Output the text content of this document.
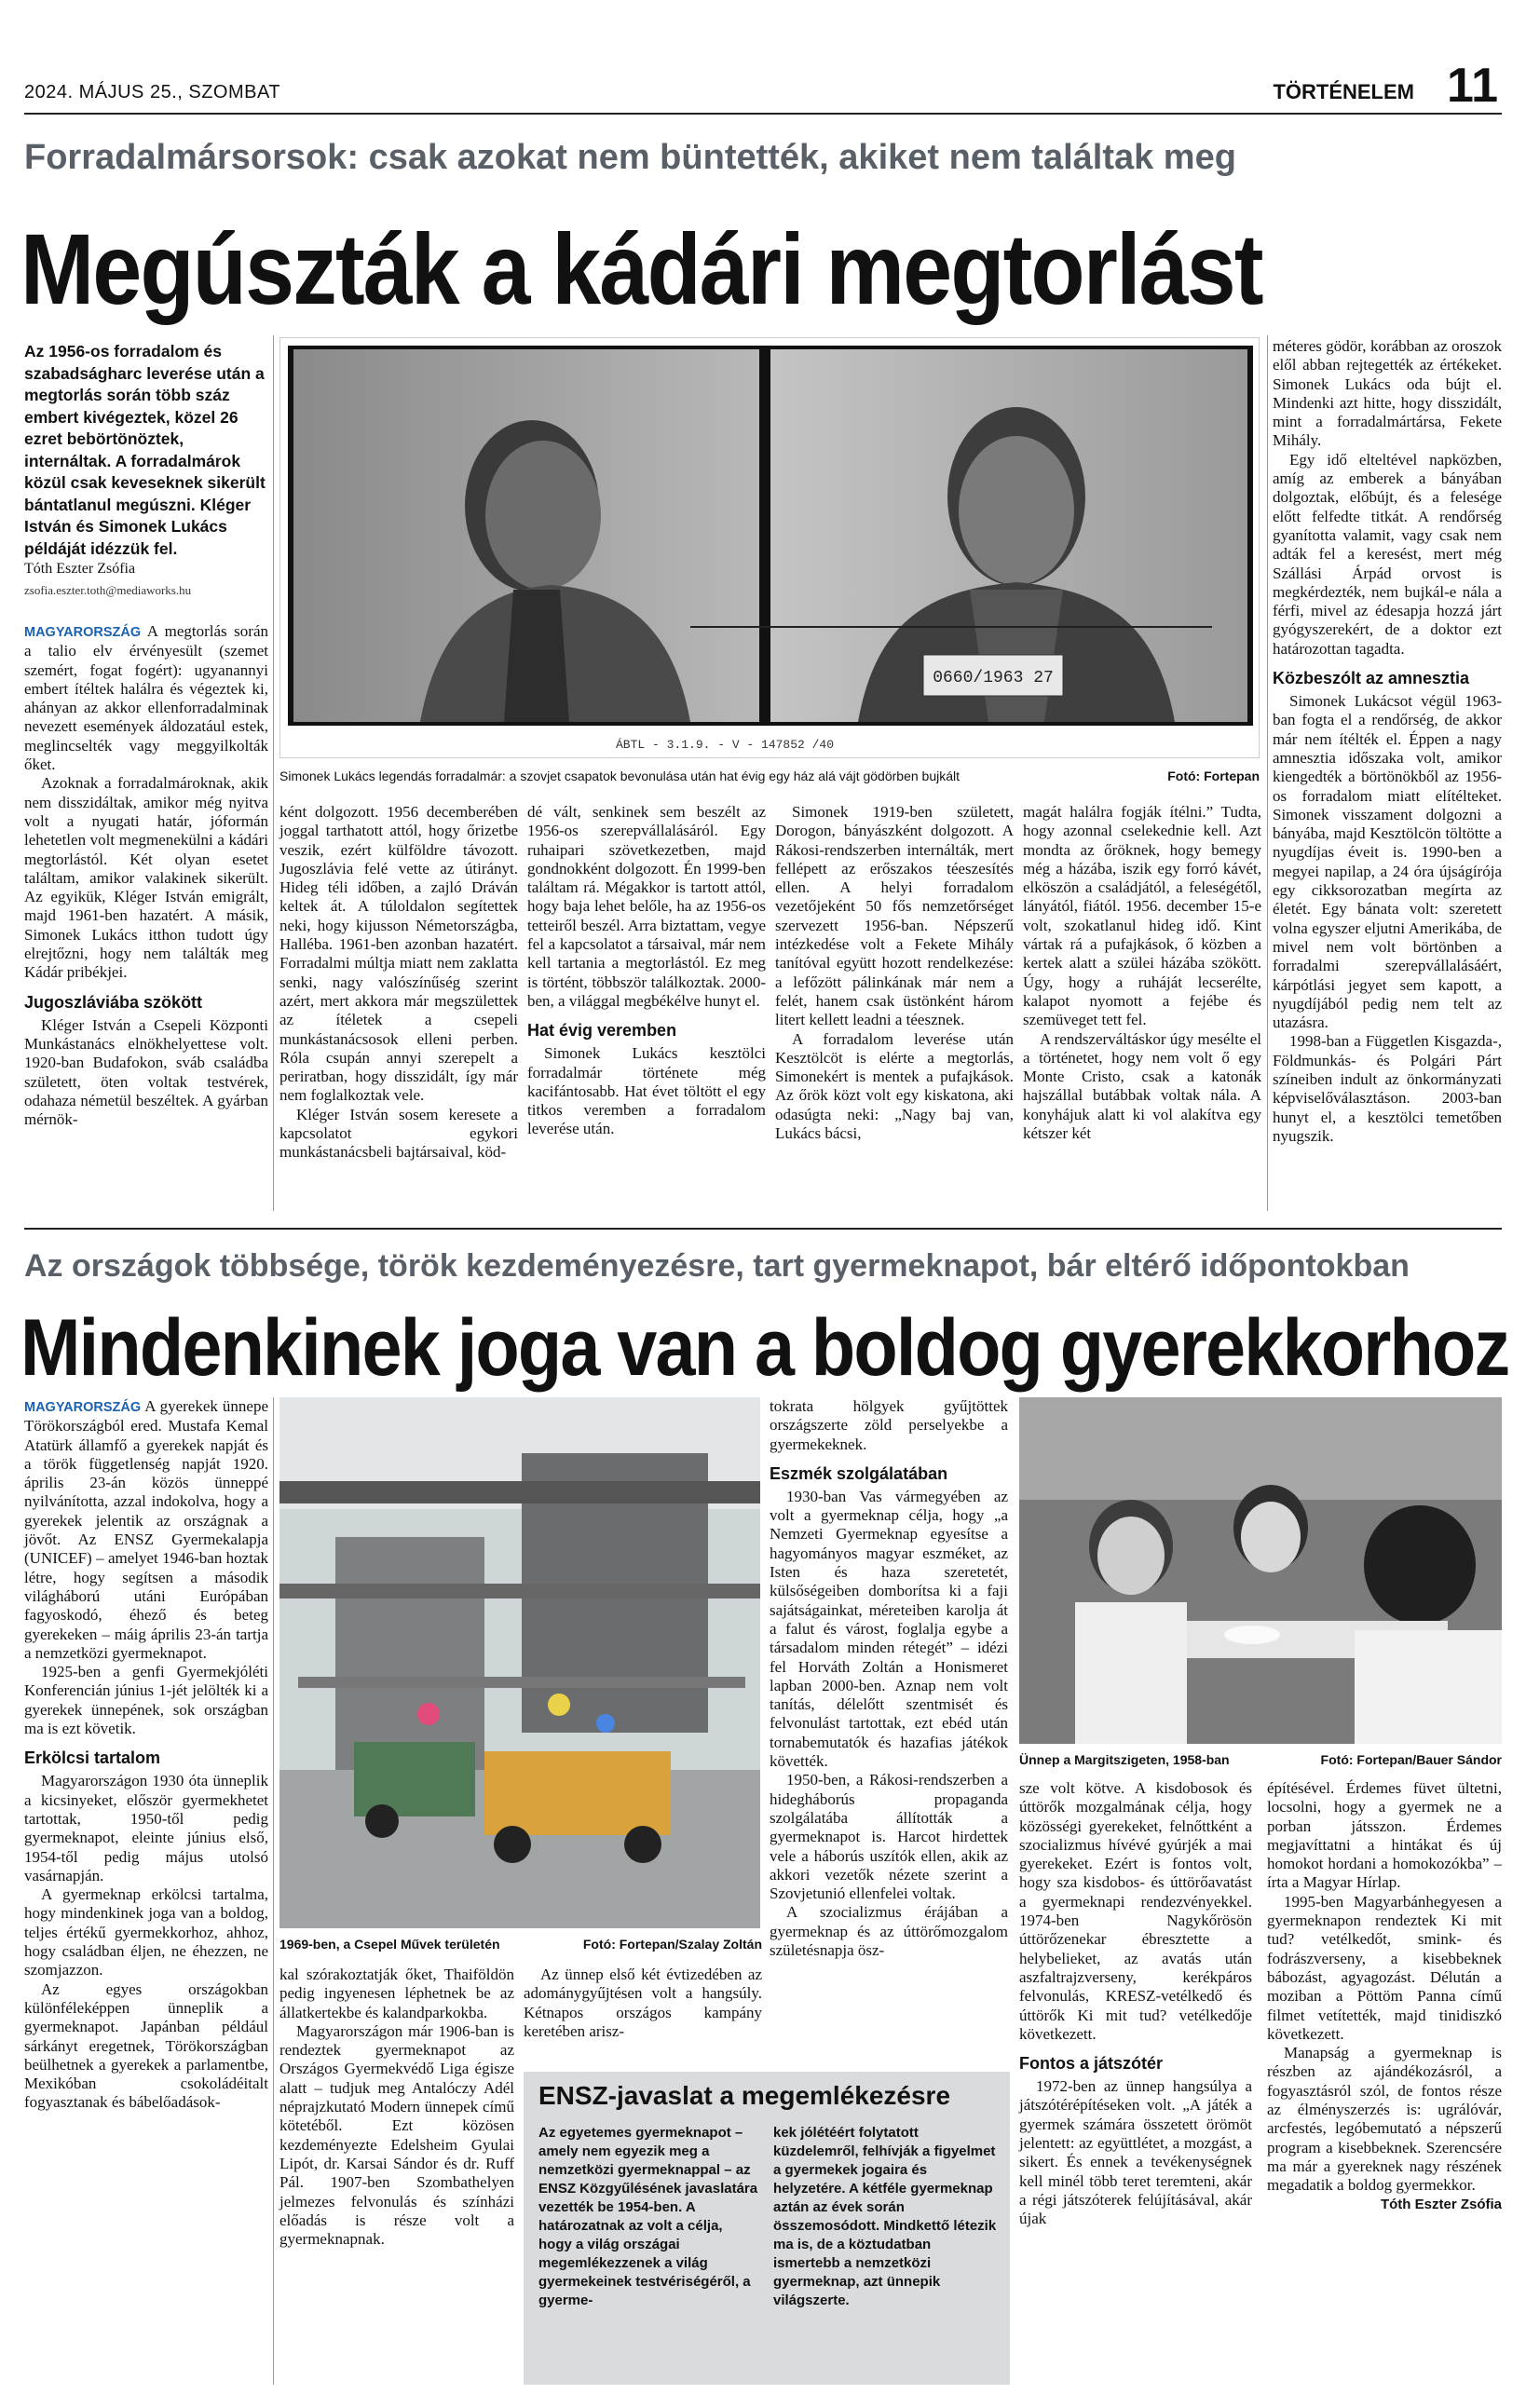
2024. MÁJUS 25., SZOMBAT	TÖRTÉNELEM 11
Forradalmársorsok: csak azokat nem büntették, akiket nem találtak meg
Megúszták a kádári megtorlást
Az 1956-os forradalom és szabadságharc leverése után a megtorlás során több száz embert kivégeztek, közel 26 ezret bebörtönöztek, internáltak. A forradalmárok közül csak keveseknek sikerült bántatlanul megúszni. Kléger István és Simonek Lukács példáját idézzük fel.
Tóth Eszter Zsófia
zsofia.eszter.toth@mediaworks.hu
0660/1963 27
ÁBTL - 3.1.9. - V - 147852 /40
Simonek Lukács legendás forradalmár: a szovjet csapatok bevonulása után hat évig egy ház alá vájt gödörben bujkált	Fotó: Fortepan

MAGYARORSZÁG A megtorlás során a talio elv érvényesült (szemet szemért, fogat fogért): ugyanannyi embert ítéltek halálra és végeztek ki, ahányan az akkor ellenforradalminak nevezett események áldozatául estek, meglincselték vagy meggyilkolták őket.

Azoknak a forradalmároknak, akik nem disszidáltak, amikor még nyitva volt a nyugati határ, jóformán lehetetlen volt megmenekülni a kádári megtorlástól. Két olyan esetet találtam, amikor valakinek sikerült. Az egyikük, Kléger István emigrált, majd 1961-ben hazatért. A másik, Simonek Lukács itthon tudott úgy elrejtőzni, hogy nem találták meg Kádár pribékjei.

Jugoszláviába szökött

Kléger István a Csepeli Központi Munkástanács elnökhelyettese volt. 1920-ban Budafokon, sváb családba született, öten voltak testvérek, odahaza németül beszéltek. A gyárban mérnök-

ként dolgozott. 1956 decemberében joggal tarthatott attól, hogy őrizetbe veszik, ezért külföldre távozott. Jugoszlávia felé vette az útirányt. Hideg téli időben, a zajló Dráván keltek át. A túloldalon segítettek neki, hogy kijusson Németországba, Halléba. 1961-ben azonban hazatért. Forradalmi múltja miatt nem zaklatta senki, nagy valószínűség szerint azért, mert akkora már megszülettek az ítéletek a csepeli munkástanácsosok elleni perben. Róla csupán annyi szerepelt a periratban, hogy disszidált, így már nem foglalkoztak vele.

Kléger István sosem keresete a kapcsolatot egykori munkástanácsbeli bajtársaival, köd-

dé vált, senkinek sem beszélt az 1956-os szerepvállalásáról. Egy ruhaipari szövetkezetben, majd gondnokként dolgozott. Én 1999-ben találtam rá. Mégakkor is tartott attól, hogy baja lehet belőle, ha az 1956-os tetteiről beszél. Arra biztattam, vegye fel a kapcsolatot a társaival, már nem kell tartania a megtorlástól. Ez meg is történt, többször találkoztak. 2000-ben, a világgal megbékélve hunyt el.

Hat évig veremben

Simonek Lukács kesztölci forradalmár története még kacifántosabb. Hat évet töltött el egy titkos veremben a forradalom leverése után.

Simonek 1919-ben született, Dorogon, bányászként dolgozott. A Rákosi-rendszerben internálták, mert fellépett az erőszakos téeszesítés ellen. A helyi forradalom vezetőjeként 50 fős nemzetőrséget szervezett 1956-ban. Népszerű intézkedése volt a Fekete Mihály tanítóval együtt hozott rendelkezése: a lefőzött pálinkának már nem a felét, hanem csak üstönként három litert kellett leadni a téesznek.

A forradalom leverése után Kesztölcöt is elérte a megtorlás, Simonekért is mentek a pufajkások. Az őrök közt volt egy kiskatona, aki odasúgta neki: „Nagy baj van, Lukács bácsi,

magát halálra fogják ítélni.” Tudta, hogy azonnal cselekednie kell. Azt mondta az őröknek, hogy bemegy még a házába, iszik egy forró kávét, elköszön a családjától, a feleségétől, lányától, fiától. 1956. december 15-e volt, szokatlanul hideg idő. Kint vártak rá a pufajkások, ő közben a kertek alatt a szülei házába szökött. Úgy, hogy a ruháját lecserélte, kalapot nyomott a fejébe és szemüveget tett fel.

A rendszerváltáskor úgy mesélte el a történetet, hogy nem volt ő egy Monte Cristo, csak a katonák hajszállal butábbak voltak nála. A konyhájuk alatt ki vol alakítva egy kétszer két

méteres gödör, korábban az oroszok elől abban rejtegették az értékeket. Simonek Lukács oda bújt el. Mindenki azt hitte, hogy disszidált, mint a forradalmártársa, Fekete Mihály.

Egy idő elteltével napközben, amíg az emberek a bányában dolgoztak, előbújt, és a felesége előtt felfedte titkát. A rendőrség gyanította valamit, vagy csak nem adták fel a keresést, mert még Szállási Árpád orvost is megkérdezték, nem bujkál-e nála a férfi, mivel az édesapja hozzá járt gyógyszerekért, de a doktor ezt határozottan tagadta.

Közbeszólt az amnesztia

Simonek Lukácsot végül 1963-ban fogta el a rendőrség, de akkor már nem ítélték el. Éppen a nagy amnesztia időszaka volt, amikor kiengedték a börtönökből az 1956-os forradalom miatt elítélteket. Simonek visszament dolgozni a bányába, majd Kesztölcön töltötte a nyugdíjas éveit is. 1990-ben a megyei napilap, a 24 óra újságírója egy cikksorozatban megírta az életét. Egy bánata volt: szeretett volna egyszer eljutni Amerikába, de mivel nem volt börtönben a forradalmi szerepvállalásáért, kárpótlási jegyet sem kapott, a nyugdíjából pedig nem telt az utazásra.

1998-ban a Független Kisgazda-, Földmunkás- és Polgári Párt színeiben indult az önkormányzati képviselőválasztáson. 2003-ban hunyt el, a kesztölci temetőben nyugszik.

Az országok többsége, török kezdeményezésre, tart gyermeknapot, bár eltérő időpontokban
Mindenkinek joga van a boldog gyerekkorhoz

MAGYARORSZÁG A gyerekek ünnepe Törökországból ered. Mustafa Kemal Atatürk államfő a gyerekek napját és a török függetlenség napját 1920. április 23-án közös ünneppé nyilvánította, azzal indokolva, hogy a gyerekek jelentik az országnak a jövőt. Az ENSZ Gyermekalapja (UNICEF) – amelyet 1946-ban hoztak létre, hogy segítsen a második világháború utáni Európában fagyoskodó, éhező és beteg gyerekeken – máig április 23-án tartja a nemzetközi gyermeknapot.

1925-ben a genfi Gyermekjóléti Konferencián június 1-jét jelölték ki a gyerekek ünnepének, sok országban ma is ezt követik.

Erkölcsi tartalom

Magyarországon 1930 óta ünneplik a kicsinyeket, először gyermekhetet tartottak, 1950-től pedig gyermeknapot, eleinte június első, 1954-től pedig május utolsó vasárnapján.

A gyermeknap erkölcsi tartalma, hogy mindenkinek joga van a boldog, teljes értékű gyermekkorhoz, ahhoz, hogy családban éljen, ne éhezzen, ne szomjazzon.

Az egyes országokban különféleképpen ünneplik a gyermeknapot. Japánban például sárkányt eregetnek, Törökországban beülhetnek a gyerekek a parlamentbe, Mexikóban csokoládéitalt fogyasztanak és bábelőadások-

1969-ben, a Csepel Művek területén	Fotó: Fortepan/Szalay Zoltán

kal szórakoztatják őket, Thaiföldön pedig ingyenesen léphetnek be az állatkertekbe és kalandparkokba.

Magyarországon már 1906-ban is rendeztek gyermeknapot az Országos Gyermekvédő Liga égisze alatt – tudjuk meg Antalóczy Adél néprajzkutató Modern ünnepek című kötetéből. Ezt közösen kezdeményezte Edelsheim Gyulai Lipót, dr. Karsai Sándor és dr. Ruff Pál. 1907-ben Szombathelyen jelmezes felvonulás és színházi előadás is része volt a gyermeknapnak.

Az ünnep első két évtizedében az adománygyűjtésen volt a hangsúly. Kétnapos országos kampány keretében arisz-

tokrata hölgyek gyűjtöttek országszerte zöld perselyekbe a gyermekeknek.

Eszmék szolgálatában

1930-ban Vas vármegyében az volt a gyermeknap célja, hogy „a Nemzeti Gyermeknap egyesítse a hagyományos magyar eszméket, az Isten és haza szeretetét, külsőségeiben domborítsa ki a faji sajátságainkat, méreteiben karolja át a falut és várost, foglalja egybe a társadalom minden rétegét” – idézi fel Horváth Zoltán a Honismeret lapban 2000-ben. Aznap nem volt tanítás, délelőtt szentmisét és felvonulást tartottak, ezt ebéd után tornabemutatók és hazafias játékok követték.

1950-ben, a Rákosi-rendszerben a hidegháborús propaganda szolgálatába állították a gyermeknapot is. Harcot hirdettek vele a háborús uszítók ellen, akik az akkori vezetők nézete szerint a Szovjetunió ellenfelei voltak.

A szocializmus érájában a gyermeknap és az úttörőmozgalom születésnapja ösz-

Ünnep a Margitszigeten, 1958-ban	Fotó: Fortepan/Bauer Sándor

sze volt kötve. A kisdobosok és úttörők mozgalmának célja, hogy közösségi gyerekeket, felnőttként a szocializmus hívévé gyúrjék a mai gyerekeket. Ezért is fontos volt, hogy sza kisdobos- és úttörőavatást a gyermeknapi rendezvényekkel. 1974-ben Nagykőrösön úttörőzenekar ébresztette a helybelieket, az avatás után aszfaltrajzverseny, kerékpáros felvonulás, KRESZ-vetélkedő és úttörők Ki mit tud? vetélkedője következett.

Fontos a játszótér

1972-ben az ünnep hangsúlya a játszótérépítéseken volt. „A játék a gyermek számára összetett örömöt jelentett: az együttlétet, a mozgást, a sikert. És ennek a tevékenységnek kell minél több teret teremteni, akár a régi játszóterek felújításával, akár újak

építésével. Érdemes füvet ültetni, locsolni, hogy a gyermek ne a porban játsszon. Érdemes megjavíttatni a hintákat és új homokot hordani a homokozókba” – írta a Magyar Hírlap.

1995-ben Magyarbánhegyesen a gyermeknapon rendeztek Ki mit tud? vetélkedőt, smink- és fodrászverseny, a kisebbeknek bábozást, agyagozást. Délután a moziban a Pöttöm Panna című filmet vetítették, majd tinidiszkó következett.

Manapság a gyermeknap is részben az ajándékozásról, a fogyasztásról szól, de fontos része az élményszerzés is: ugrálóvár, arcfestés, legóbemutató a népszerű program a kisebbeknek. Szerencsére ma már a gyereknek nagy részének megadatik a boldog gyermekkor.

Tóth Eszter Zsófia
ENSZ-javaslat a megemlékezésre
Az egyetemes gyermeknapot – amely nem egyezik meg a nemzetközi gyermeknappal – az ENSZ Közgyűlésének javaslatára vezették be 1954-ben. A határozatnak az volt a célja, hogy a világ országai megemlékezzenek a világ gyermekeinek testvériségéről, a gyerme-
kek jólétéért folytatott küzdelemről, felhívják a figyelmet a gyermekek jogaira és helyzetére. A kétféle gyermeknap aztán az évek során összemosódott. Mindkettő létezik ma is, de a köztudatban ismertebb a nemzetközi gyermeknap, azt ünnepik világszerte.
